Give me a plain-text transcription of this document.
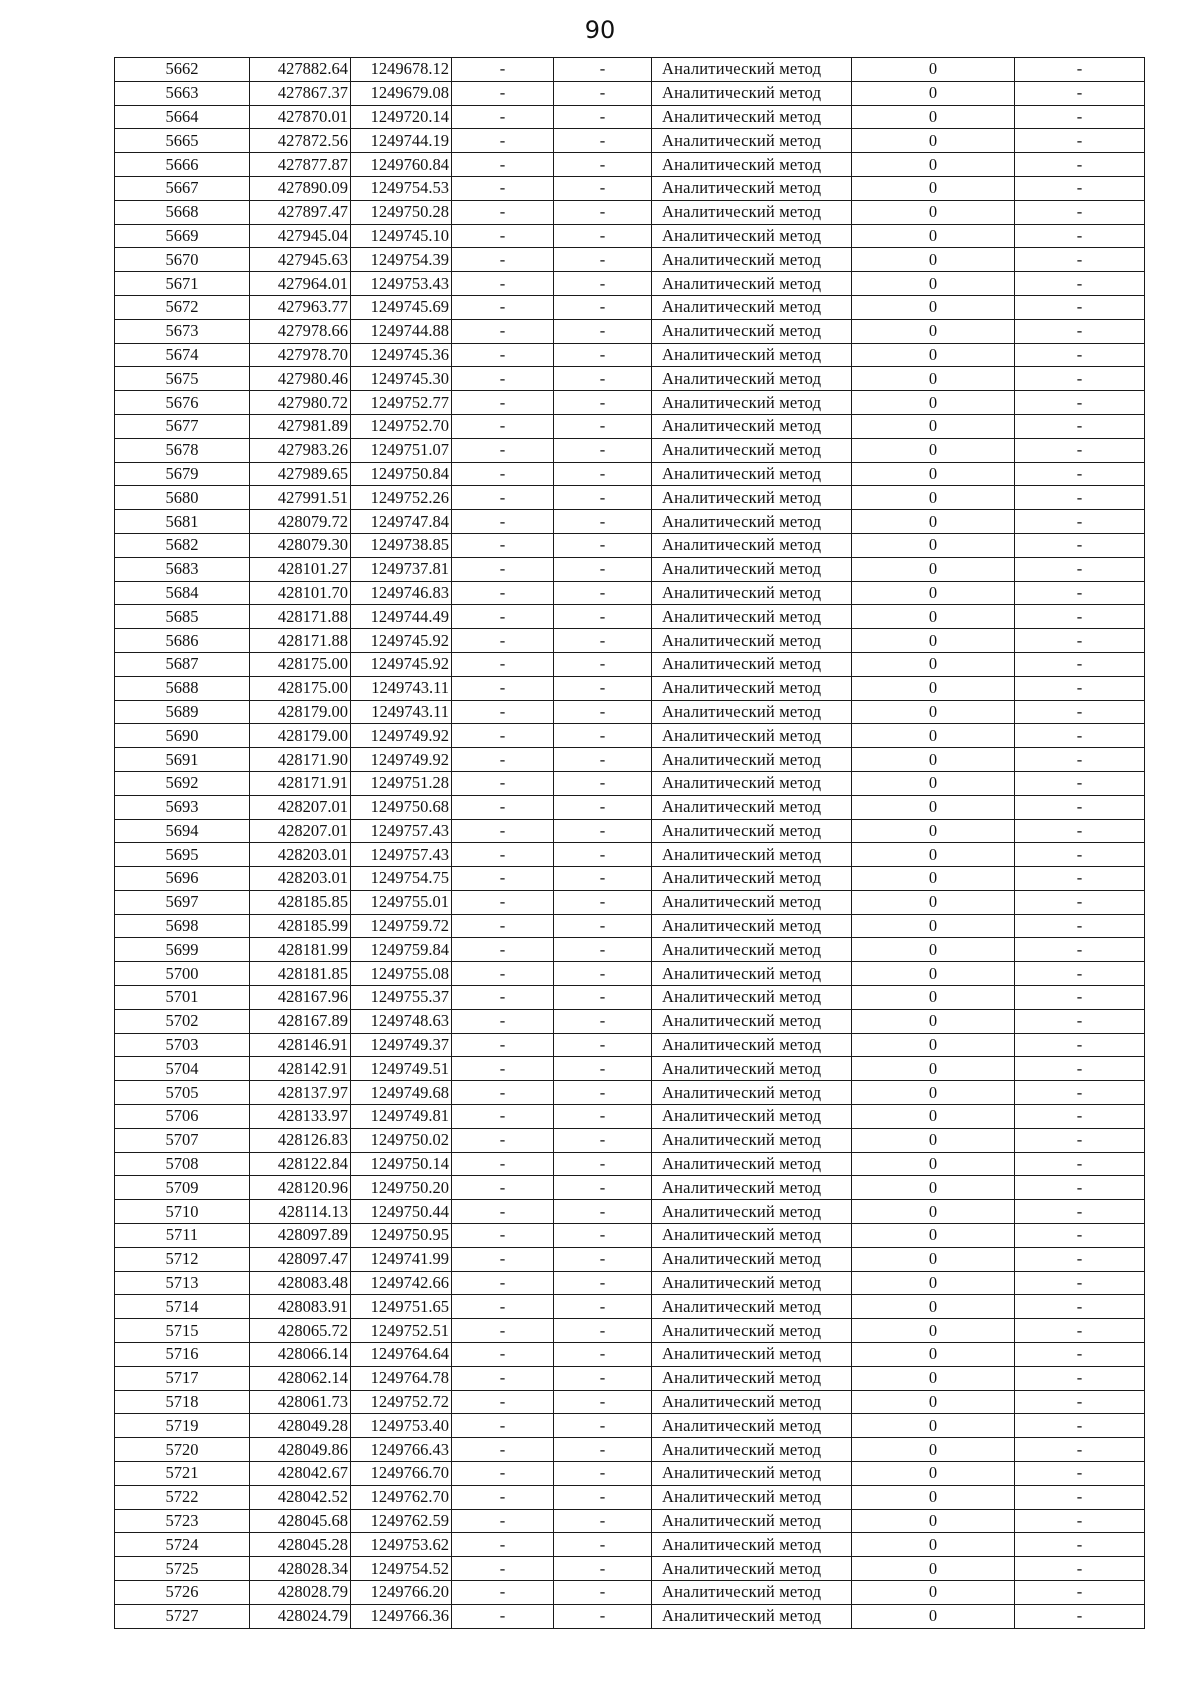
90
5662	427882.64	1249678.12	-	-	Аналитический метод	0	-
5663	427867.37	1249679.08	-	-	Аналитический метод	0	-
5664	427870.01	1249720.14	-	-	Аналитический метод	0	-
5665	427872.56	1249744.19	-	-	Аналитический метод	0	-
5666	427877.87	1249760.84	-	-	Аналитический метод	0	-
5667	427890.09	1249754.53	-	-	Аналитический метод	0	-
5668	427897.47	1249750.28	-	-	Аналитический метод	0	-
5669	427945.04	1249745.10	-	-	Аналитический метод	0	-
5670	427945.63	1249754.39	-	-	Аналитический метод	0	-
5671	427964.01	1249753.43	-	-	Аналитический метод	0	-
5672	427963.77	1249745.69	-	-	Аналитический метод	0	-
5673	427978.66	1249744.88	-	-	Аналитический метод	0	-
5674	427978.70	1249745.36	-	-	Аналитический метод	0	-
5675	427980.46	1249745.30	-	-	Аналитический метод	0	-
5676	427980.72	1249752.77	-	-	Аналитический метод	0	-
5677	427981.89	1249752.70	-	-	Аналитический метод	0	-
5678	427983.26	1249751.07	-	-	Аналитический метод	0	-
5679	427989.65	1249750.84	-	-	Аналитический метод	0	-
5680	427991.51	1249752.26	-	-	Аналитический метод	0	-
5681	428079.72	1249747.84	-	-	Аналитический метод	0	-
5682	428079.30	1249738.85	-	-	Аналитический метод	0	-
5683	428101.27	1249737.81	-	-	Аналитический метод	0	-
5684	428101.70	1249746.83	-	-	Аналитический метод	0	-
5685	428171.88	1249744.49	-	-	Аналитический метод	0	-
5686	428171.88	1249745.92	-	-	Аналитический метод	0	-
5687	428175.00	1249745.92	-	-	Аналитический метод	0	-
5688	428175.00	1249743.11	-	-	Аналитический метод	0	-
5689	428179.00	1249743.11	-	-	Аналитический метод	0	-
5690	428179.00	1249749.92	-	-	Аналитический метод	0	-
5691	428171.90	1249749.92	-	-	Аналитический метод	0	-
5692	428171.91	1249751.28	-	-	Аналитический метод	0	-
5693	428207.01	1249750.68	-	-	Аналитический метод	0	-
5694	428207.01	1249757.43	-	-	Аналитический метод	0	-
5695	428203.01	1249757.43	-	-	Аналитический метод	0	-
5696	428203.01	1249754.75	-	-	Аналитический метод	0	-
5697	428185.85	1249755.01	-	-	Аналитический метод	0	-
5698	428185.99	1249759.72	-	-	Аналитический метод	0	-
5699	428181.99	1249759.84	-	-	Аналитический метод	0	-
5700	428181.85	1249755.08	-	-	Аналитический метод	0	-
5701	428167.96	1249755.37	-	-	Аналитический метод	0	-
5702	428167.89	1249748.63	-	-	Аналитический метод	0	-
5703	428146.91	1249749.37	-	-	Аналитический метод	0	-
5704	428142.91	1249749.51	-	-	Аналитический метод	0	-
5705	428137.97	1249749.68	-	-	Аналитический метод	0	-
5706	428133.97	1249749.81	-	-	Аналитический метод	0	-
5707	428126.83	1249750.02	-	-	Аналитический метод	0	-
5708	428122.84	1249750.14	-	-	Аналитический метод	0	-
5709	428120.96	1249750.20	-	-	Аналитический метод	0	-
5710	428114.13	1249750.44	-	-	Аналитический метод	0	-
5711	428097.89	1249750.95	-	-	Аналитический метод	0	-
5712	428097.47	1249741.99	-	-	Аналитический метод	0	-
5713	428083.48	1249742.66	-	-	Аналитический метод	0	-
5714	428083.91	1249751.65	-	-	Аналитический метод	0	-
5715	428065.72	1249752.51	-	-	Аналитический метод	0	-
5716	428066.14	1249764.64	-	-	Аналитический метод	0	-
5717	428062.14	1249764.78	-	-	Аналитический метод	0	-
5718	428061.73	1249752.72	-	-	Аналитический метод	0	-
5719	428049.28	1249753.40	-	-	Аналитический метод	0	-
5720	428049.86	1249766.43	-	-	Аналитический метод	0	-
5721	428042.67	1249766.70	-	-	Аналитический метод	0	-
5722	428042.52	1249762.70	-	-	Аналитический метод	0	-
5723	428045.68	1249762.59	-	-	Аналитический метод	0	-
5724	428045.28	1249753.62	-	-	Аналитический метод	0	-
5725	428028.34	1249754.52	-	-	Аналитический метод	0	-
5726	428028.79	1249766.20	-	-	Аналитический метод	0	-
5727	428024.79	1249766.36	-	-	Аналитический метод	0	-
